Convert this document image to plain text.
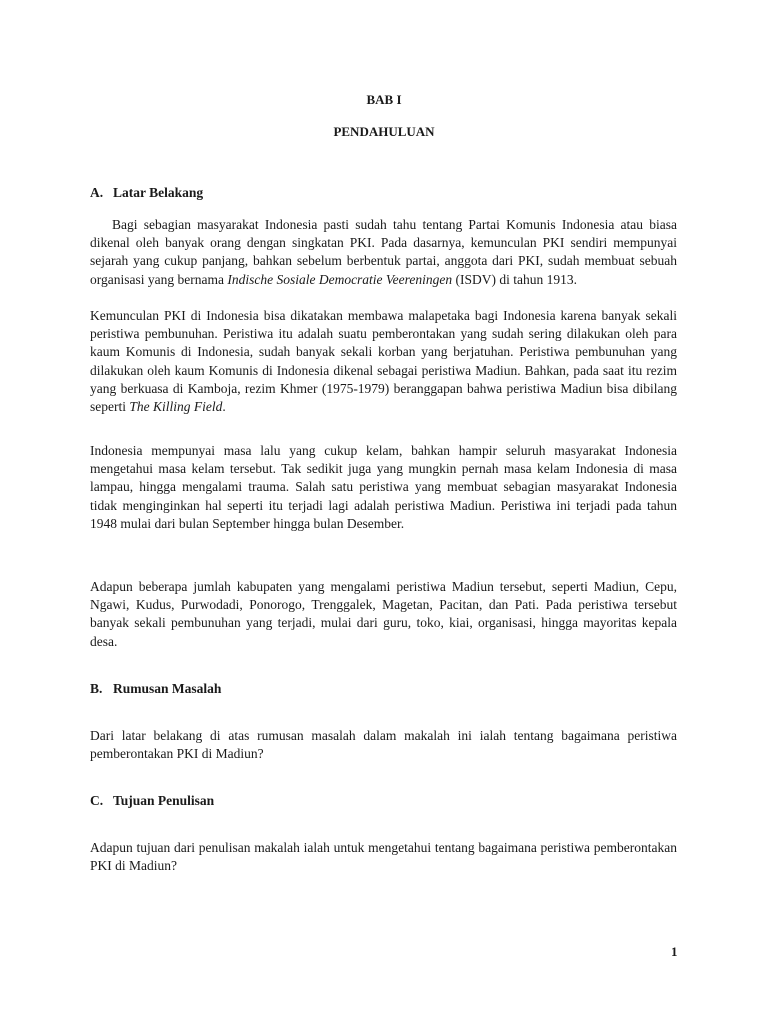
BAB I
PENDAHULUAN
A. Latar Belakang

Bagi sebagian masyarakat Indonesia pasti sudah tahu tentang Partai Komunis Indonesia atau biasa dikenal oleh banyak orang dengan singkatan PKI. Pada dasarnya, kemunculan PKI sendiri mempunyai sejarah yang cukup panjang, bahkan sebelum berbentuk partai, anggota dari PKI, sudah membuat sebuah organisasi yang bernama Indische Sosiale Democratie Veereningen (ISDV) di tahun 1913.

Kemunculan PKI di Indonesia bisa dikatakan membawa malapetaka bagi Indonesia karena banyak sekali peristiwa pembunuhan. Peristiwa itu adalah suatu pemberontakan yang sudah sering dilakukan oleh para kaum Komunis di Indonesia, sudah banyak sekali korban yang berjatuhan. Peristiwa pembunuhan yang dilakukan oleh kaum Komunis di Indonesia dikenal sebagai peristiwa Madiun. Bahkan, pada saat itu rezim yang berkuasa di Kamboja, rezim Khmer (1975-1979) beranggapan bahwa peristiwa Madiun bisa dibilang seperti The Killing Field.

Indonesia mempunyai masa lalu yang cukup kelam, bahkan hampir seluruh masyarakat Indonesia mengetahui masa kelam tersebut. Tak sedikit juga yang mungkin pernah masa kelam Indonesia di masa lampau, hingga mengalami trauma. Salah satu peristiwa yang membuat sebagian masyarakat Indonesia tidak menginginkan hal seperti itu terjadi lagi adalah peristiwa Madiun. Peristiwa ini terjadi pada tahun 1948 mulai dari bulan September hingga bulan Desember.

Adapun beberapa jumlah kabupaten yang mengalami peristiwa Madiun tersebut, seperti Madiun, Cepu, Ngawi, Kudus, Purwodadi, Ponorogo, Trenggalek, Magetan, Pacitan, dan Pati. Pada peristiwa tersebut banyak sekali pembunuhan yang terjadi, mulai dari guru, toko, kiai, organisasi, hingga mayoritas kepala desa.

B. Rumusan Masalah

Dari latar belakang di atas rumusan masalah dalam makalah ini ialah tentang bagaimana peristiwa pemberontakan PKI di Madiun?

C. Tujuan Penulisan

Adapun tujuan dari penulisan makalah ialah untuk mengetahui tentang bagaimana peristiwa pemberontakan PKI di Madiun?

1
